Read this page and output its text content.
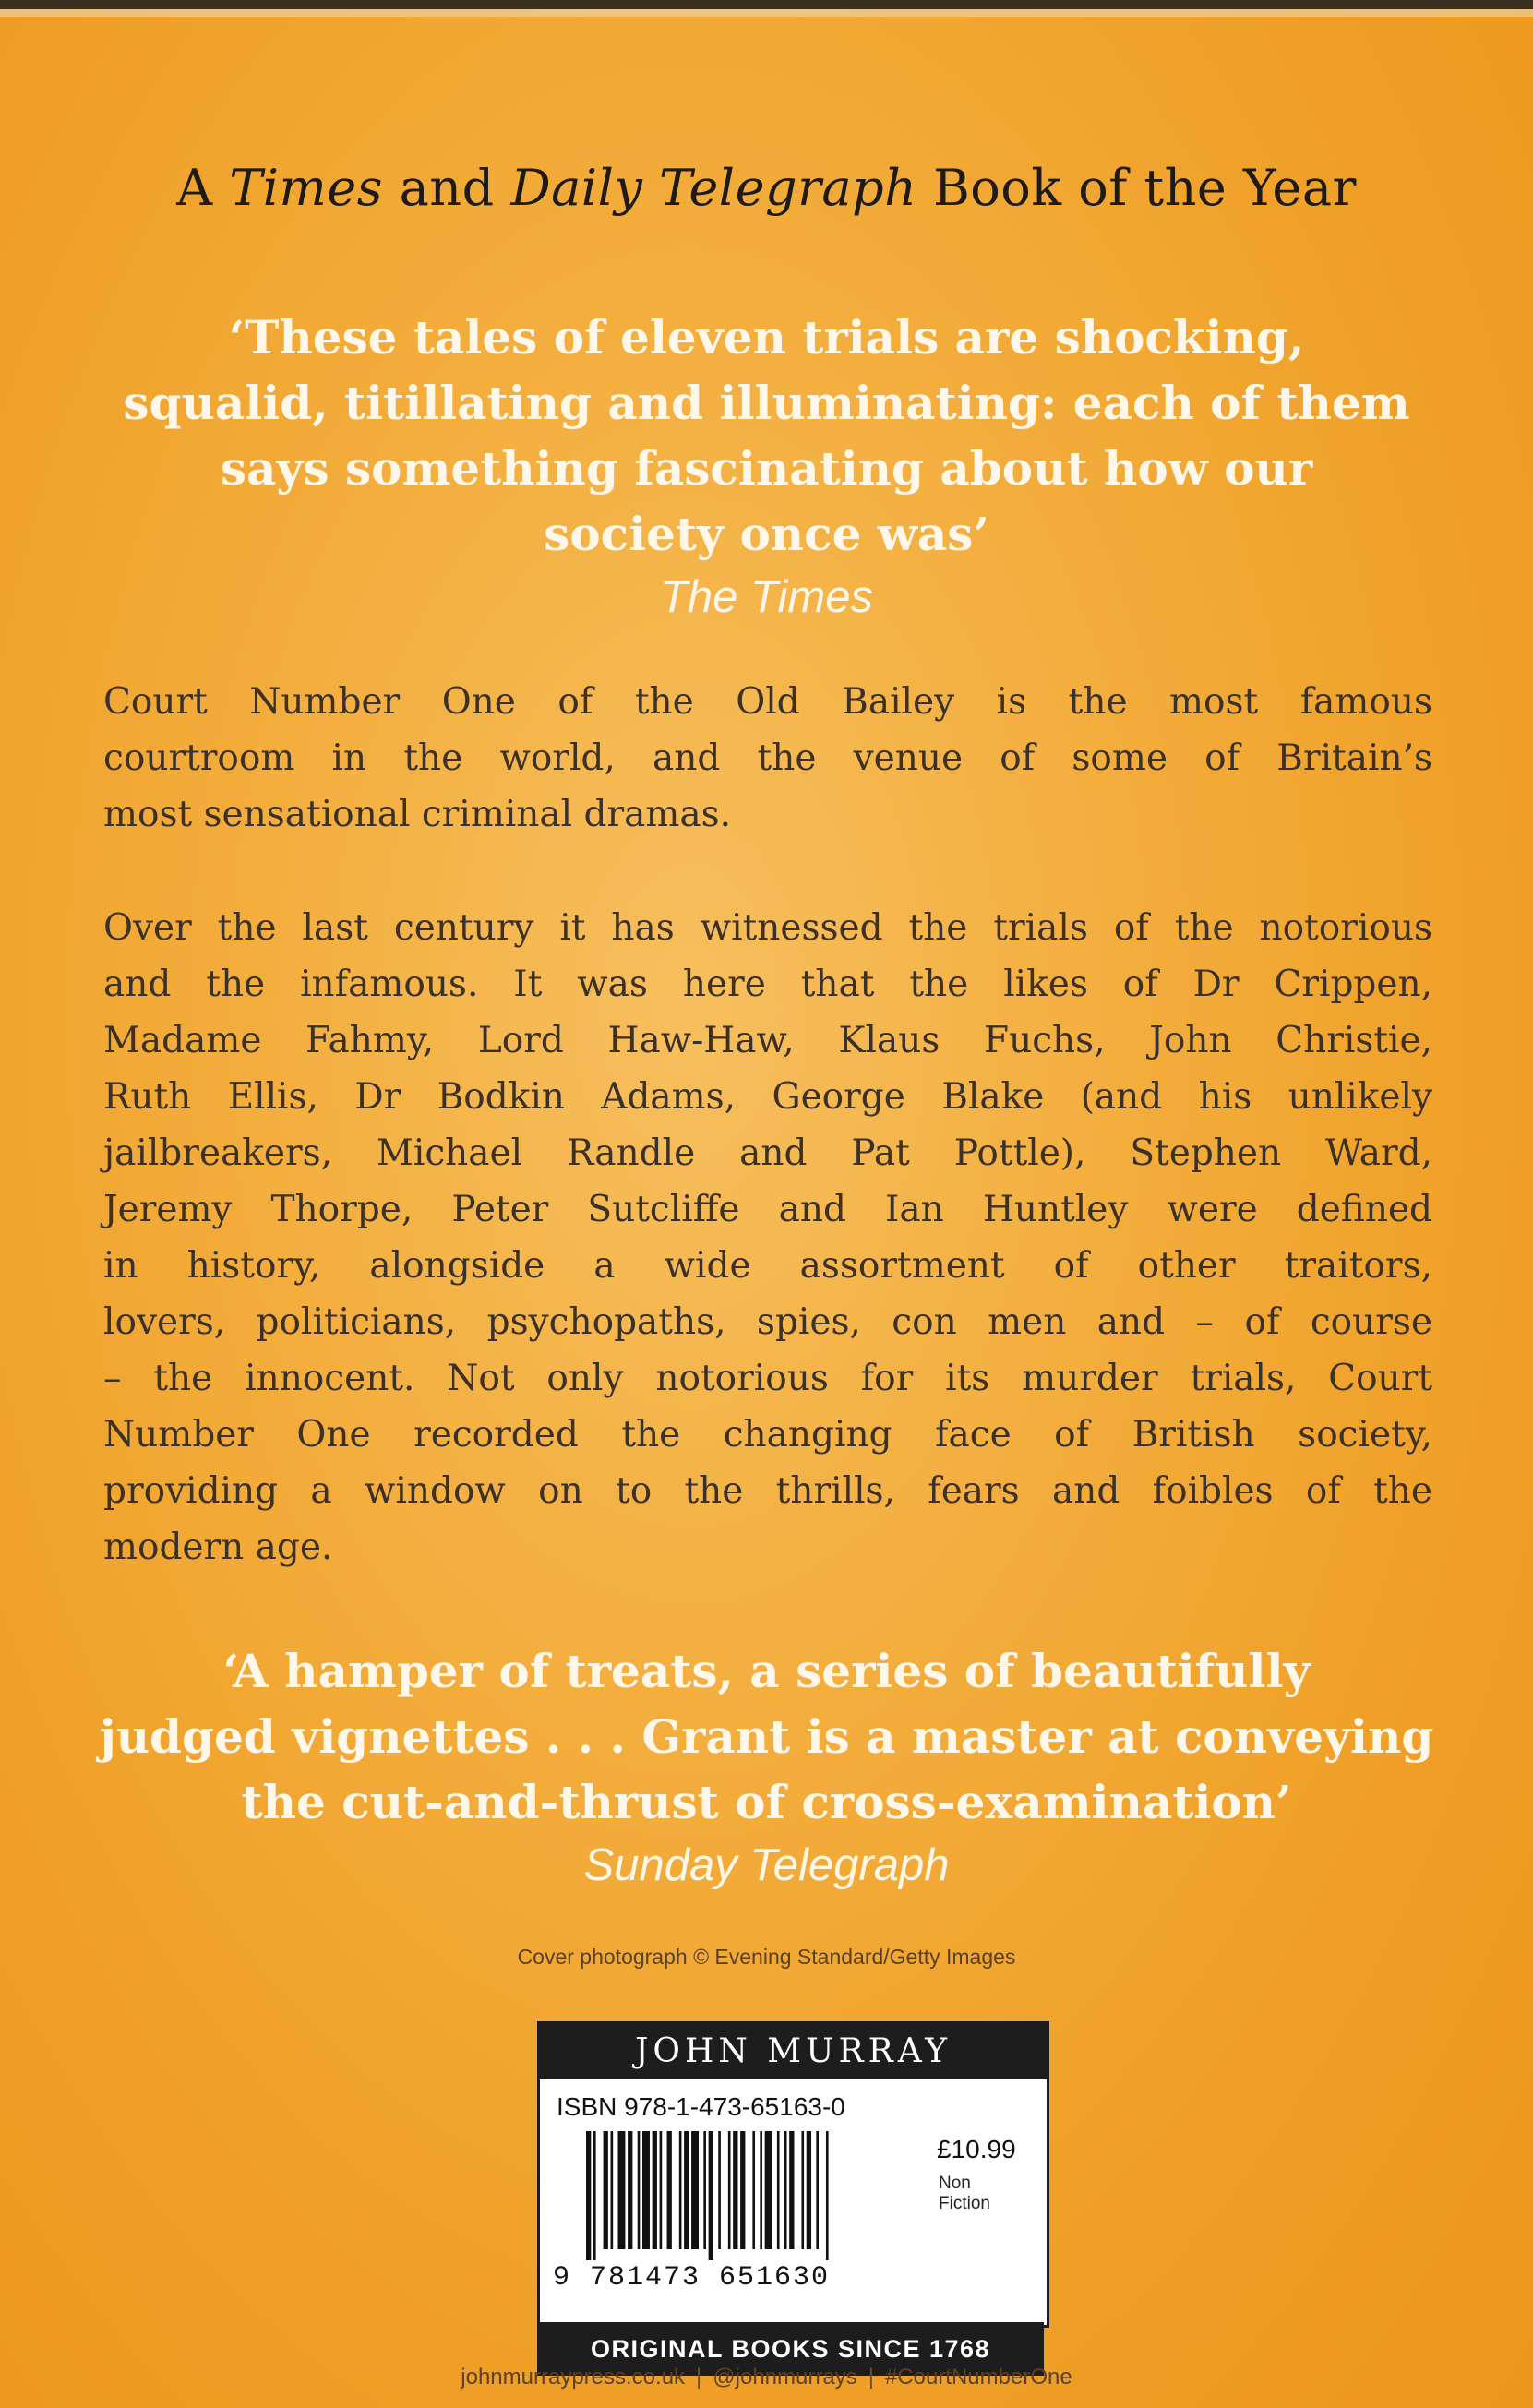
A Times and Daily Telegraph Book of the Year
‘These tales of eleven trials are shocking,
squalid, titillating and illuminating: each of them
says something fascinating about how our
society once was’
The Times
Court Number One of the Old Bailey is the most famous
courtroom in the world, and the venue of some of Britain’s
most sensational criminal dramas.
Over the last century it has witnessed the trials of the notorious
and the infamous. It was here that the likes of Dr Crippen,
Madame Fahmy, Lord Haw-Haw, Klaus Fuchs, John Christie,
Ruth Ellis, Dr Bodkin Adams, George Blake (and his unlikely
jailbreakers, Michael Randle and Pat Pottle), Stephen Ward,
Jeremy Thorpe, Peter Sutcliffe and Ian Huntley were defined
in history, alongside a wide assortment of other traitors,
lovers, politicians, psychopaths, spies, con men and – of course
– the innocent. Not only notorious for its murder trials, Court
Number One recorded the changing face of British society,
providing a window on to the thrills, fears and foibles of the
modern age.
‘A hamper of treats, a series of beautifully
judged vignettes . . . Grant is a master at conveying
the cut-and-thrust of cross-examination’
Sunday Telegraph
Cover photograph © Evening Standard/Getty Images
JOHN MURRAY
ISBN 978-1-473-65163-0
9 781473 651630
£10.99
Non
Fiction
ORIGINAL BOOKS SINCE 1768
johnmurraypress.co.uk | @johnmurrays | #CourtNumberOne
